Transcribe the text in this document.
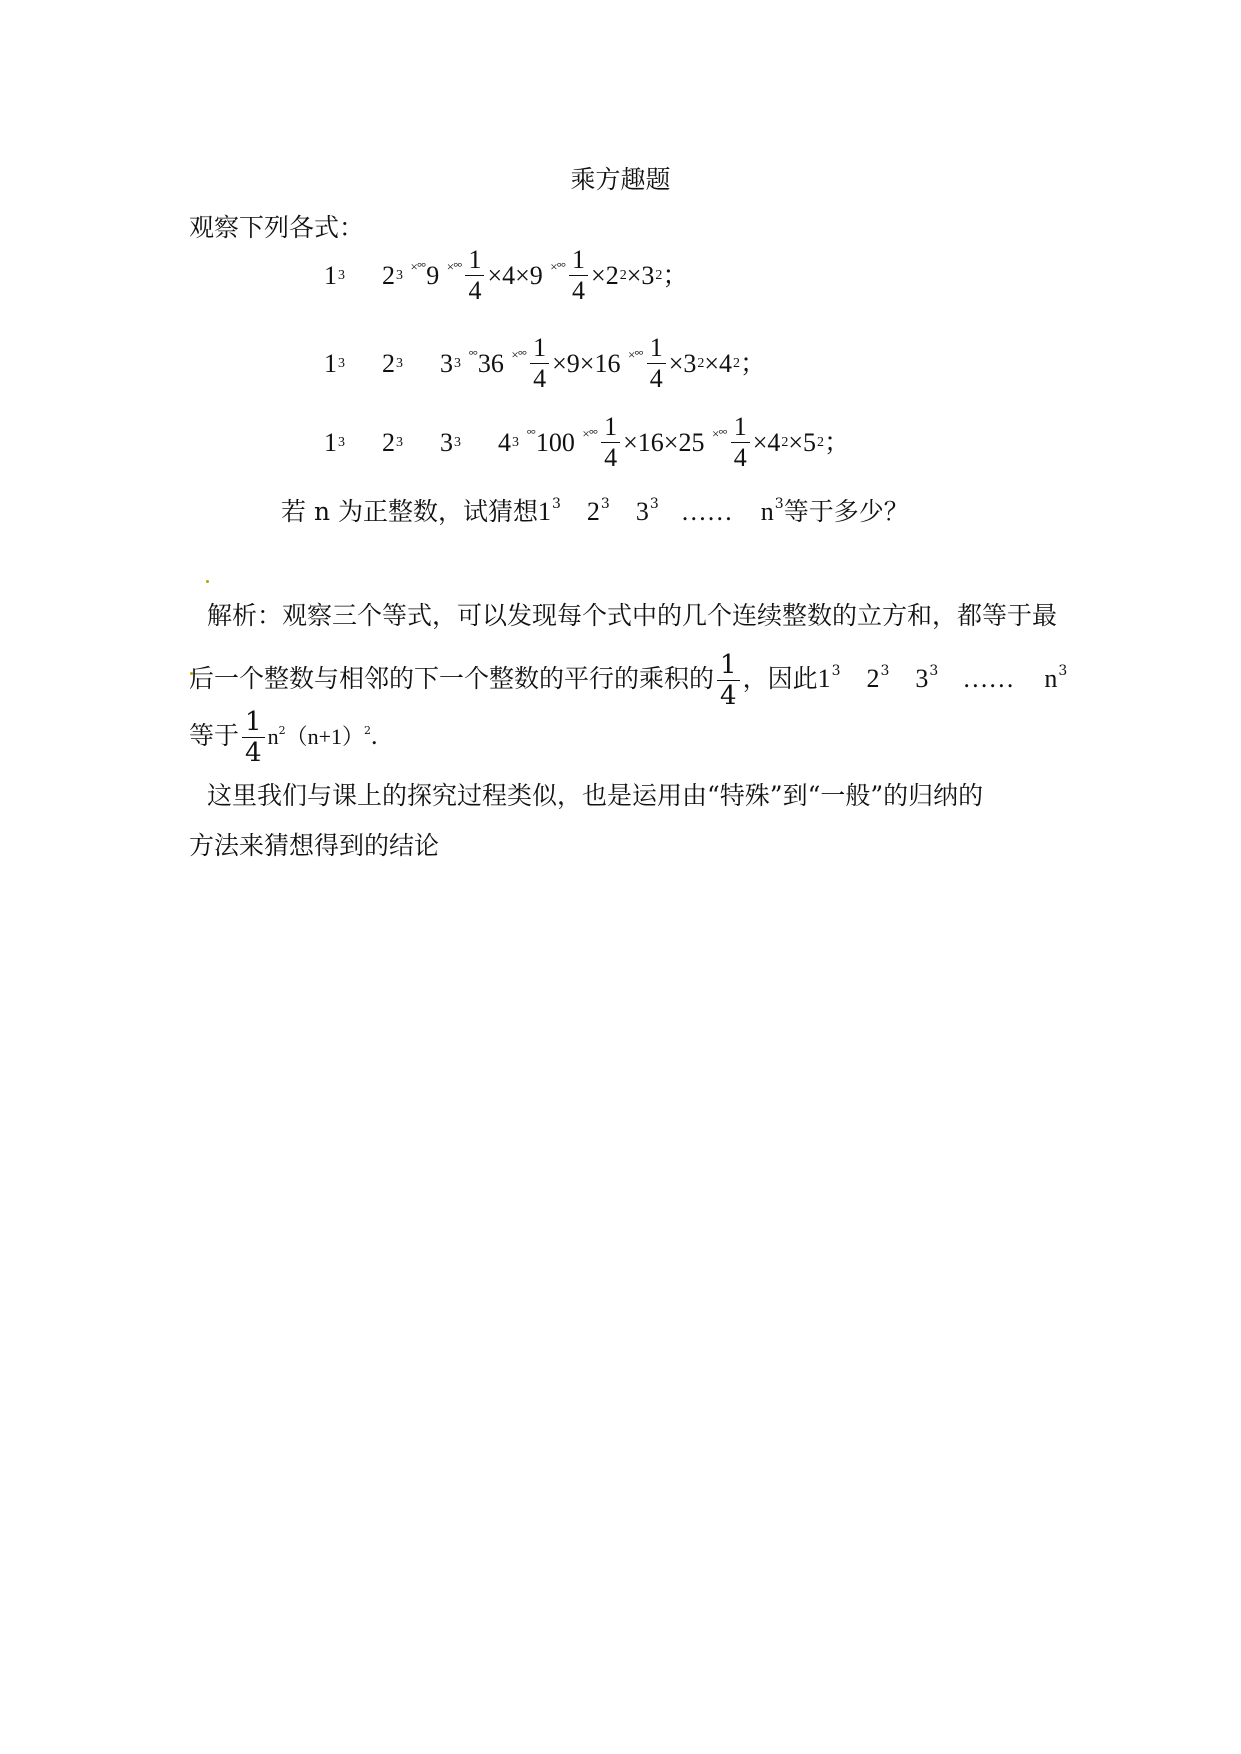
乘方趣题
观察下列各式：
13 23 ×°°9 $^{\times^\circ^\circ} \frac{1}{4} \times 4\times 9$ $^{\times^\circ^\circ} \frac{1}{4} \times 22\times 32$；
13 23 33 °°36 $^{\times^\circ^\circ} \frac{1}{4} \times 9\times 16$ $^{\times^\circ^\circ} \frac{1}{4} \times 32\times 42$；
13 23 33 43 °°100 $^{\times^\circ^\circ} \frac{1}{4} \times 16\times 25$ $^{\times^\circ^\circ} \frac{1}{4} \times 42\times 52$；
若 n 为正整数，试猜想$1^3$ $2^3$ $3^3$ …… $n^3$等于多少？
解析：观察三个等式，可以发现每个式中的几个连续整数的立方和，都等于最
后一个整数与相邻的下一个整数的平行的乘积的 $\frac{1}{4}$ ，因此$1^3$ $2^3$ $3^3$ …… $n^3$
等于 $\frac{1}{4} n^2(n+1)^2$.
这里我们与课上的探究过程类似，也是运用由“特殊”到“一般”的归纳的
方法来猜想得到的结论
